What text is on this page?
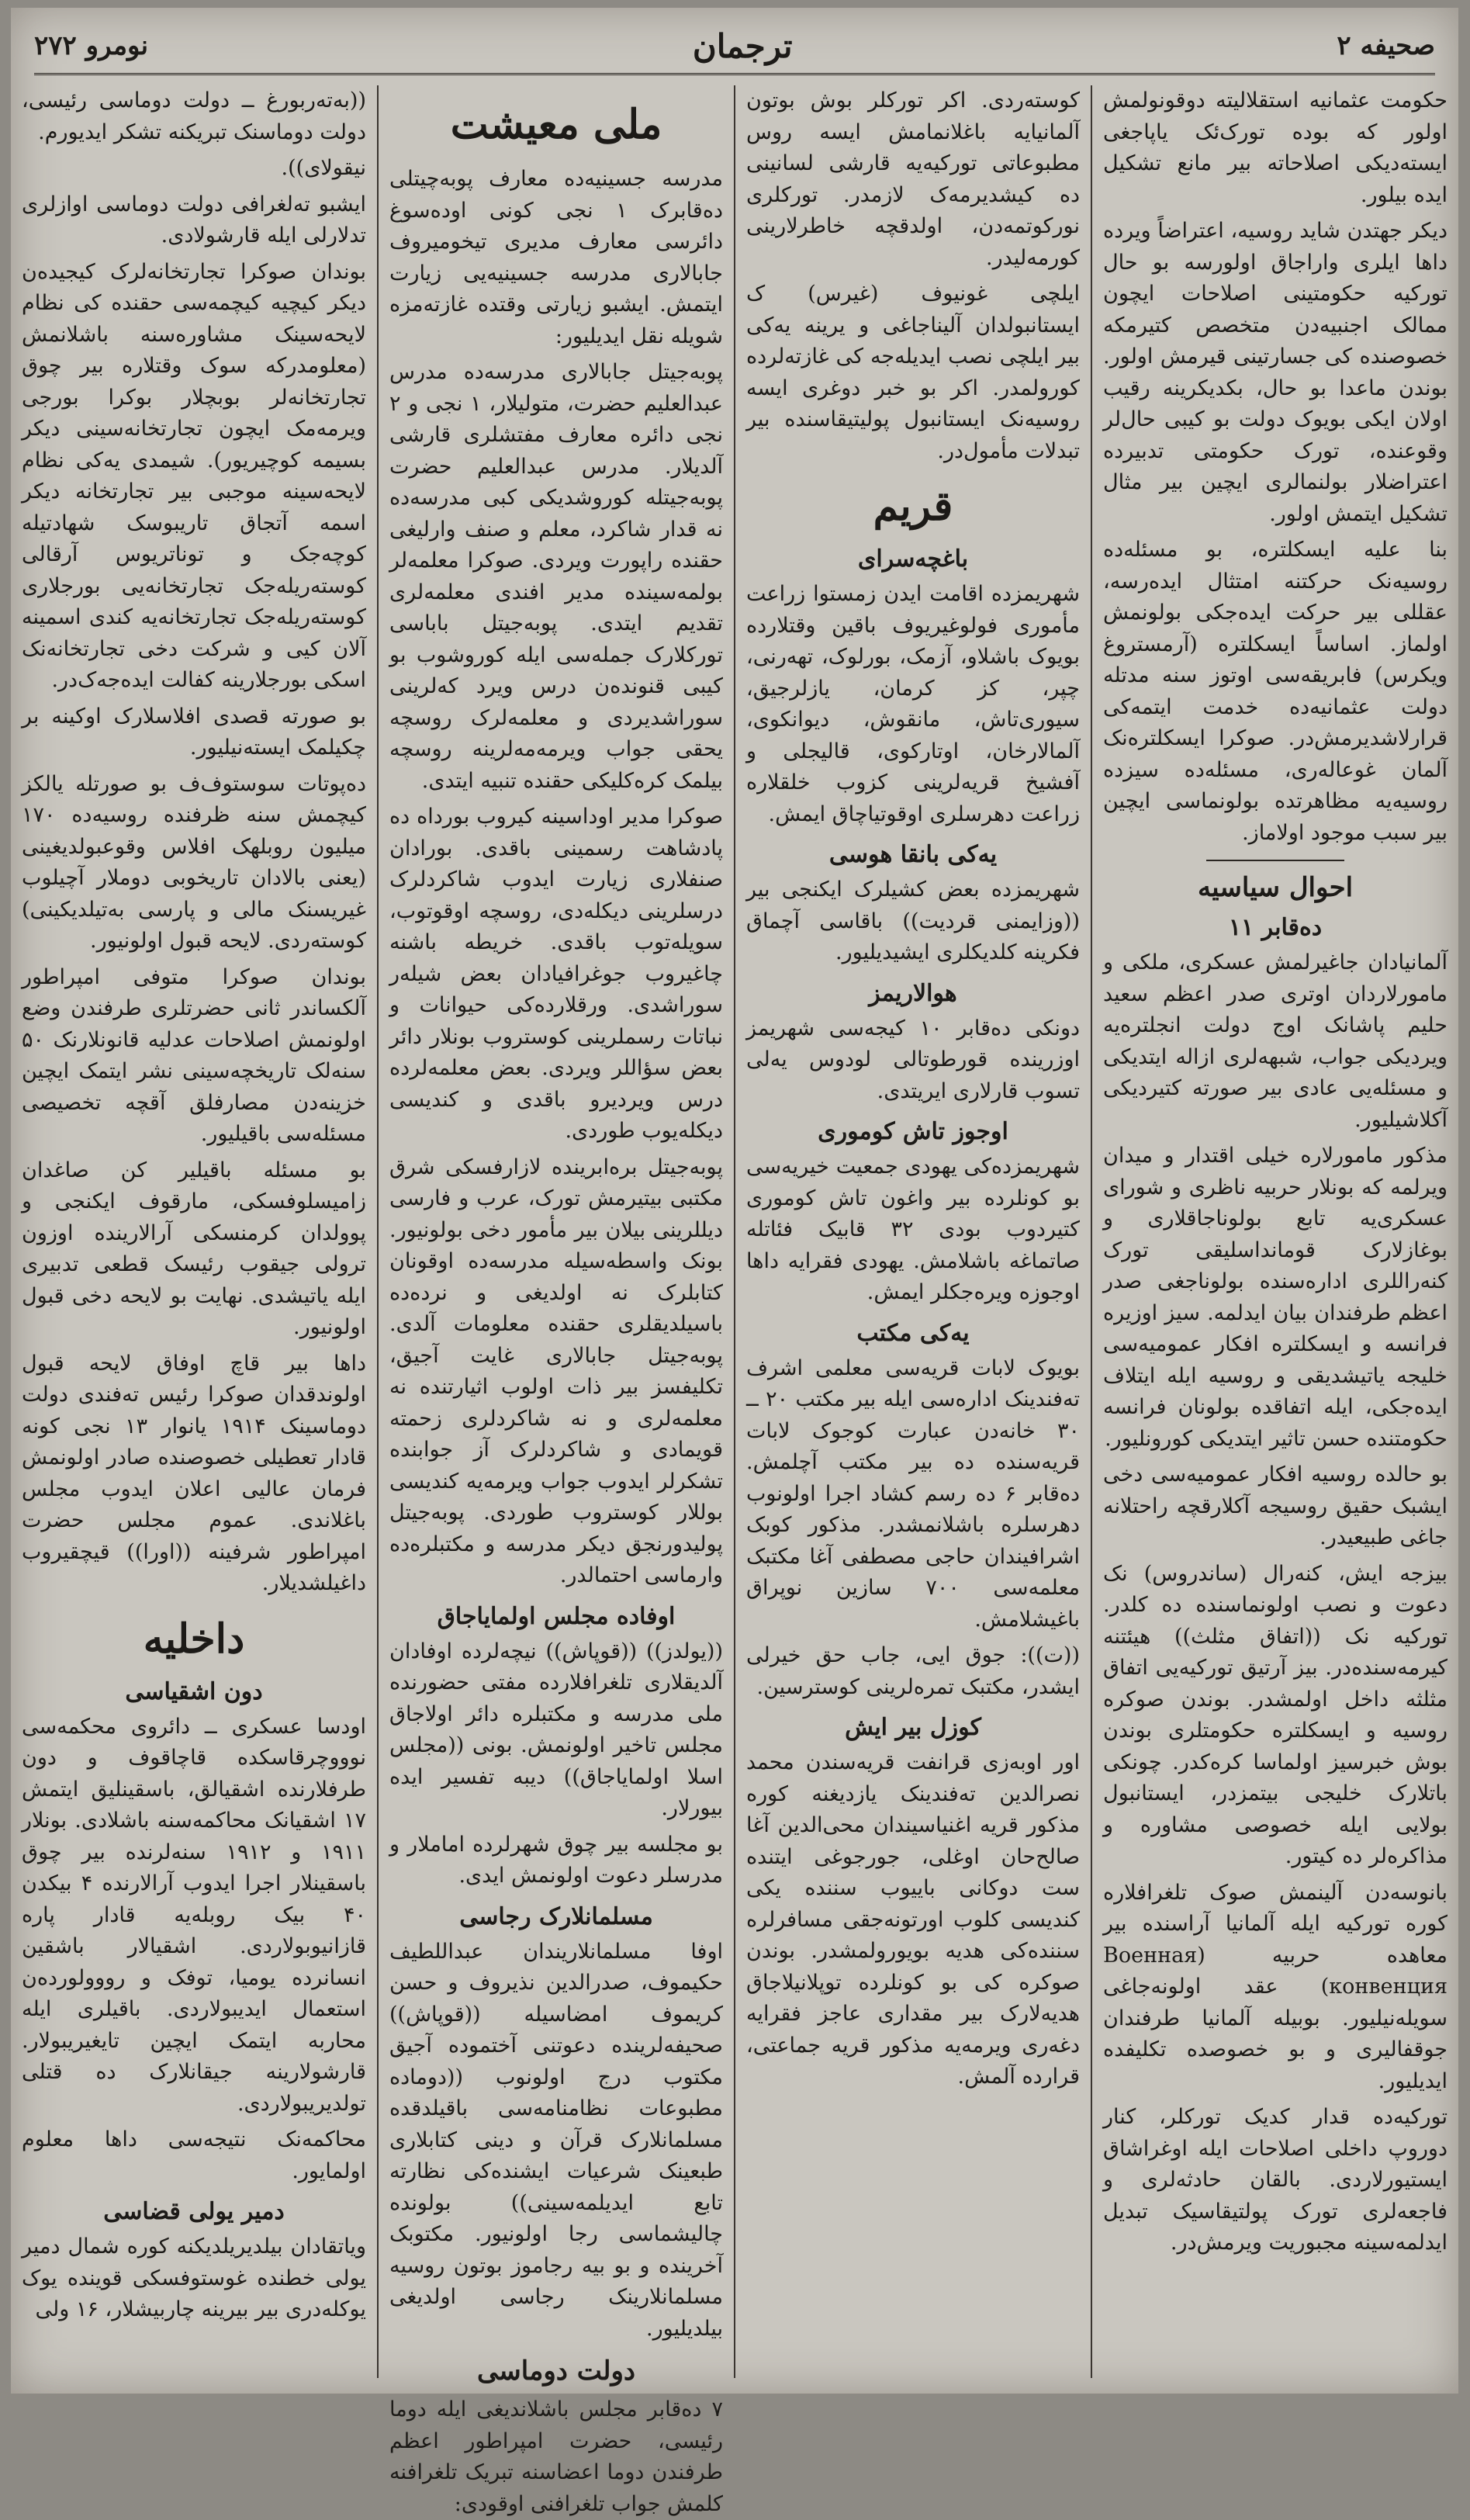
صحیفه ۲
ترجمان
نومرو ۲۷۲

حکومت عثمانیه استقلالیته دوقونولمش اولور که بوده تورک‌ئک یاپاجغی ایسته‌دیکی اصلاحاته بیر مانع تشکیل ایده بیلور.

دیکر جهتدن شاید روسیه، اعتراضاً ویرده داها ایلری واراجاق اولورسه بو حال تورکیه حکومتینی اصلاحات ایچون ممالک اجنبیه‌دن متخصص کتیرمکه خصوصنده کی جسارتینی قیرمش اولور. بوندن ماعدا بو حال، بکدیکرینه رقیب اولان ایکی بویوک دولت بو کیبی حال‌لر وقوعنده، تورک حکومتی تدبیرده اعتراضلار بولنمالری ایچین بیر مثال تشکیل ایتمش اولور.

بنا علیه ایسکلتره، بو مسئله‌ده روسیه‌نک حرکتنه امتثال ایده‌رسه، عقللی بیر حرکت ایده‌جکی بولونمش اولماز. اساساً ایسکلتره (آرمستروغ ویکرس) فابریقه‌سی اوتوز سنه مدتله دولت عثمانیه‌ده خدمت ایتمه‌کی قرارلاشدیرمش‌در. صوکرا ایسکلتره‌نک آلمان غوعاله‌ری، مسئله‌ده سیزده روسیه‌یه مظاهرتده بولونماسی ایچین بیر سبب موجود اولاماز.

احوال سیاسیه
ده‌قابر ۱۱

آلمانیادان جاغیرلمش عسکری، ملکی و مامورلاردان اوتری صدر اعظم سعید حلیم پاشانک اوج دولت انجلتره‌یه ویردیکی جواب، شبهه‌لری ازاله ایتدیکی و مسئله‌یی عادی بیر صورته کتیردیکی آکلاشیلیور.

مذکور مامورلاره خیلی اقتدار و میدان ویرلمه که بونلار حربیه ناظری و شورای عسکری‌یه تابع بولوناجاقلاری و بوغازلارک قومانداسلیقی تورک کنه‌راللری اداره‌سنده بولوناجغی صدر اعظم طرفندان بیان ایدلمه. سیز اوزیره فرانسه و ایسکلتره افکار عمومیه‌سی خلیجه یاتیشدیقی و روسیه ایله ایتلاف ایده‌جکی، ایله اتفاقده بولونان فرانسه حکومتنده حسن تاثیر ایتدیکی کورونلیور.

بو حالده روسیه افکار عمومیه‌سی دخی ایشبک حقیق روسیجه آکلارقچه راحتلانه جاغی طبیعیدر.

بیزجه ایش، کنه‌رال (ساندروس) نک دعوت و نصب اولونماسنده ده کلدر. تورکیه نک ((اتفاق مثلث)) هیئتنه کیرمه‌سنده‌در. بیز آرتیق تورکیه‌یی اتفاق مثلثه داخل اولمشدر. بوندن صوکره روسیه و ایسکلتره حکومتلری بوندن بوش خبرسیز اولماسا کره‌کدر. چونکی باتلارک خلیجی بیتمزدر، ایستانبول بولایی ایله خصوصی مشاوره و مذاکره‌لر ده کیتور.

بانوسه‌دن آلینمش صوک تلغرافلاره کوره تورکیه ایله آلمانیا آراسنده بیر معاهده حربیه (Военная конвенция) عقد اولونه‌جاغی سویله‌نیلیور. بوبیله آلمانیا طرفندان جوقفالیری و بو خصوصده تکلیفده ایدیلیور.

تورکیه‌ده قدار کدیک تورکلر، کنار دوروپ داخلی اصلاحات ایله اوغراشاق ایستیورلاردی. بالقان حادثه‌لری و فاجعه‌لری تورک پولتیقاسیک تبدیل ایدلمه‌سینه مجبوریت ویرمش‌در.

کوسته‌ردی. اکر تورکلر بوش بوتون آلمانیایه باغلانمامش ایسه روس مطبوعاتی تورکیه‌یه قارشی لسانینی ده کیشدیرمه‌ک لازمدر. تورکلری نورکوتمه‌دن، اولدقچه خاطرلارینی کورمه‌لیدر.

ایلچی غونیوف (غیرس) ک ایستانبولدان آلیناجاغی و یرینه یه‌کی بیر ایلچی نصب ایدیله‌جه کی غازته‌لرده کورولمدر. اکر بو خبر دوغری ایسه روسیه‌نک ایستانبول پولیتیقاسنده بیر تبدلات مأمول‌در.

قریم
باغچه‌سرای

شهریمزده اقامت ایدن زمستوا زراعت مأموری فولوغیریوف باقین وقتلارده بویوک باشلاو، آزمک، بورلوک، تهه‌رنی، چپر، کز کرمان، یازلرجیق، سیوری‌تاش، مانقوش، دیوانکوی، آلمالارخان، اوتارکوی، قالیجلی و آفشیخ قریه‌لرینی کزوب خلقلاره زراعت دهرسلری اوقوتیاچاق ایمش.

یه‌کی بانقا هوسی

شهریمزده بعض کشیلرک ایکنجی بیر ((وزایمنی قردیت)) باقاسی آچماق فکرینه کلدیکلری ایشیدیلیور.

هوالاریمز

دونکی ده‌قابر ۱۰ کیجه‌سی شهریمز اوزرینده قورطوتالی لودوس یه‌لی تسوب قارلاری ایریتدی.

اوجوز تاش کوموری

شهریمزده‌کی یهودی جمعیت خیریه‌سی بو کونلرده بیر واغون تاش کوموری کتیردوب بودی ۳۲ قابیک فئاتله صاتماغه باشلامش. یهودی فقرایه داها اوجوزه ویره‌جکلر ایمش.

یه‌کی مکتب

بویوک لابات قریه‌سی معلمی اشرف ته‌فندینک اداره‌سی ایله بیر مکتب‌ ۲۰ ــ ۳۰ خانه‌دن عبارت کوجوک لابات قریه‌سنده ده بیر مکتب آچلمش. ده‌قابر ۶ ده رسم کشاد اجرا اولونوب دهرسلره باشلانمشدر. مذکور کوبک اشرافیندان حاجی مصطفی آغا مکتبک معلمه‌سی ۷۰۰ سازین نوپراق باغیشلامش.

((ت)): جوق ایی، جاب حق خیرلی ایشدر، مکتبک تمره‌لرینی کوسترسین.

کوزل بیر ایش

اور اوبه‌زی قرانفت قریه‌سندن محمد نصرالدین ته‌فندینک یازدیغنه کوره مذکور قریه اغنیاسیندان محی‌الدین آغا صالح‌حان اوغلی، جورجوغی ایتنده ست دوکانی باییوب سننده یکی کندیسی کلوب اورتونه‌جقی مسافرلره سننده‌کی هدیه بویورولمشدر. بوندن صوکره کی بو کونلرده توپلانیلاجاق هدیه‌لارک بیر مقداری عاجز فقرایه دغه‌ری ویرمه‌یه مذکور قریه جماعتی، قرارده آلمش.

ملی معیشت

مدرسه جسینیه‌ده معارف پوبه‌چیتلی ده‌قابرک ۱ نجی کونی اوده‌سوغ دائرسی معارف مدیری تیخومیروف جابالاری مدرسه جسینیه‌یی زیارت ایتمش. ایشبو زیارتی وقتده غازته‌مزه شویله نقل ایدیلیور:

پوبه‌جیتل جابالاری مدرسه‌ده مدرس عبدالعلیم حضرت، متولیلار، ۱ نجی و ۲ نجی دائره معارف مفتشلری قارشی آلدیلار. مدرس عبدالعلیم حضرت پوبه‌جیتله کوروشدیکی کبی مدرسه‌ده نه قدار شاکرد، معلم و صنف وارلیغی حقنده راپورت ویردی. صوکرا معلمه‌لر بولمه‌سینده مدیر افندی معلمه‌لری تقدیم ایتدی. پوبه‌جیتل باباسی تورکلارک جمله‌سی ایله کوروشوب بو کیبی قنونده‌ن درس ویرد که‌لرینی سوراشدیردی و معلمه‌لرک روسچه یحقی جواب ویرمه‌مه‌لرینه روسچه بیلمک کره‌کلیکی حقنده تنبیه ایتدی.

صوکرا مدیر اوداسینه کیروب بورداه ده پادشاهت رسمینی باقدی. بورادان صنفلاری زیارت ایدوب شاکردلرک درسلرینی دیکله‌دی، روسچه اوقوتوب، سویله‌توب باقدی. خریطه باشنه چاغیروب جوغرافیادان بعض شیله‌ر سوراشدی. ورقلارده‌کی حیوانات و نباتات رسملرینی کوستروب بونلار دائر بعض سؤاللر ویردی. بعض معلمه‌لرده درس ویردیرو باقدی و کندیسی دیکله‌یوب طوردی.

پوبه‌جیتل بره‌ابرینده لازارفسکی شرق مکتبی بیتیرمش تورک، عرب و فارسی دیللرینی بیلان بیر مأمور دخی بولونیور. بونک واسطه‌سیله مدرسه‌ده اوقونان کتابلرک نه اولدیغی و نرده‌ده باسیلدیقلری حقنده معلومات آلدی. پوبه‌جیتل جابالاری غایت آجیق، تکلیفسز بیر ذات اولوب اثیارتنده نه معلمه‌لری و نه شاکردلری زحمته قویمادی و شاکردلرک آز جوابنده تشکرلر ایدوب جواب ویرمه‌یه کندیسی بوللار کوستروب طوردی. پوبه‌جیتل پولیدورنجق دیکر مدرسه و مکتبلره‌ده وارماسی احتمالدر.

اوفاده مجلس اولمایاجاق

((یولدز)) ((قوپاش)) نیچه‌لرده اوفادان آلدیقلاری تلغرافلارده مفتی حضورنده ملی مدرسه و مکتبلره دائر اولاجاق مجلس تاخیر اولونمش. بونی ((مجلس اسلا اولمایاجاق)) دیبه تفسیر ایده بیورلار.

بو مجلسه بیر چوق شهرلرده اماملار و مدرسلر دعوت اولونمش ایدی.

مسلمانلارک رجاسی

اوفا مسلمانلاریندان عبداللطیف حکیموف، صدرالدین نذیروف و حسن کریموف امضاسیله ((قوپاش)) صحیفه‌لرینده دعوتنی آختموده آجیق مکتوب درج اولونوب ((دوماده مطبوعات نظامنامه‌سی باقیلدقده مسلمانلارک قرآن و دینی کتابلاری طبعینک شرعیات ایشنده‌کی نظارته تابع ایدیلمه‌سینی)) بولونده چالیشماسی رجا اولونیور. مکتوبک آخرینده و بو بیه رجاموز بوتون روسیه مسلمانلارینک رجاسی اولدیغی بیلدیلیور.

دولت دوماسی

۷ ده‌قابر مجلس باشلاندیغی ایله دوما رئیسی، حضرت امپراطور اعظم طرفندن دوما اعضاسنه تبریک تلغرافنه کلمش جواب تلغرافنی اوقودی:

((به‌ته‌ربورغ ــ دولت دوماسی رئیسی، دولت دوماسنک تبریکنه تشکر ایدیورم.

نیقولای)).

ایشبو ته‌لغرافی دولت دوماسی اوازلری تدلارلی ایله قارشولادی.

بوندان صوکرا تجارتخانه‌لرک کیجیده‌ن دیکر کیچیه کیچمه‌سی حقنده کی نظام لایحه‌سینک مشاوره‌سنه باشلانمش (معلومدرکه سوک وقتلاره بیر چوق تجارتخانه‌لر بوبچلار بوکرا بورجی ویرمه‌مک ایچون تجارتخانه‌سینی دیکر بسیمه کوچیریور). شیمدی یه‌کی نظام لایحه‌سینه موجبی بیر تجارتخانه دیکر اسمه آتجاق تاریبوسک شهادتیله کوچه‌جک و توناتریوس آرقالی کوسته‌ریله‌جک تجارتخانه‌یی بورجلاری کوسته‌ریله‌جک تجارتخانه‌یه کندی اسمینه آلان کیی و شرکت دخی تجارتخانه‌نک اسکی بورجلارینه کفالت ایده‌جه‌ک‌در.

بو صورته قصدی افلاسلارک اوکینه بر چکیلمک ایسته‌نیلیور.

ده‌پوتات سوستوف‌ف بو صورتله یالکز کیچمش سنه ظرفنده روسیه‌ده ۱۷۰ میلیون روبلهک افلاس وقوعبولدیغینی (یعنی بالادان تاریخوبی دوملار آچیلوب غیریسنک مالی و پارسی به‌تیلدیکینی) کوسته‌ردی. لایحه قبول اولونیور.

بوندان صوکرا متوفی امپراطور آلکساندر ثانی حضرتلری طرفندن وضع اولونمش اصلاحات عدلیه قانونلارنک ۵۰ سنه‌لک تاریخچه‌سینی نشر ایتمک ایچین خزینه‌دن مصارفلق آقچه تخصیصی مسئله‌سی باقیلیور.

بو مسئله باقیلیر کن صاغدان زامیسلوفسکی، مارقوف ایکنجی و پوولدان کرمنسکی آرالارینده اوزون ترولی جیقوب رئیسک قطعی تدبیری ایله یاتیشدی. نهایت بو لایحه دخی قبول اولونیور.

داها بیر قاچ اوفاق لایحه قبول اولوندقدان صوکرا رئیس ته‌فندی دولت دوماسینک ۱۹۱۴ یانوار ۱۳ نجی کونه قادار تعطیلی خصوصنده صادر اولونمش فرمان عالیی اعلان ایدوب مجلس باغلاندی. عموم مجلس حضرت امپراطور شرفینه ((اورا)) قیچقیروب داغیلشدیلار.

داخلیه
دون اشقیاسی

اودسا عسکری ــ دائروی محکمه‌سی نوووچرقاسکده قاچاقوف و دون طرفلارنده اشقیالق، باسقینلیق ایتمش ۱۷ اشقیانک محاکمه‌سنه باشلادی. بونلار ۱۹۱۱ و ۱۹۱۲ سنه‌لرنده بیر چوق باسقینلار اجرا ایدوب آرالارنده ۴ بیکدن ۴۰ بیک روبله‌یه قادار پاره قازانیوبولاردی. اشقیالار باشقین انسانرده یومیا، توفک و رو‌وولورده‌ن استعمال ایدیبولاردی. باقیلری ایله محاربه ایتمک ایچین تایغیریبولار. قارشولارینه جیقانلارک ده قتلی تولدیریبولاردی.

محاکمه‌نک نتیجه‌سی داها معلوم اولمایور.

دمیر یولی قضاسی

ویاتقادان بیلدیریلدیکنه کوره شمال دمیر یولی خطنده غوستوفسکی قوینده یوک یوکله‌دری بیر بیرینه چاربیشلار، ۱۶ ولی
